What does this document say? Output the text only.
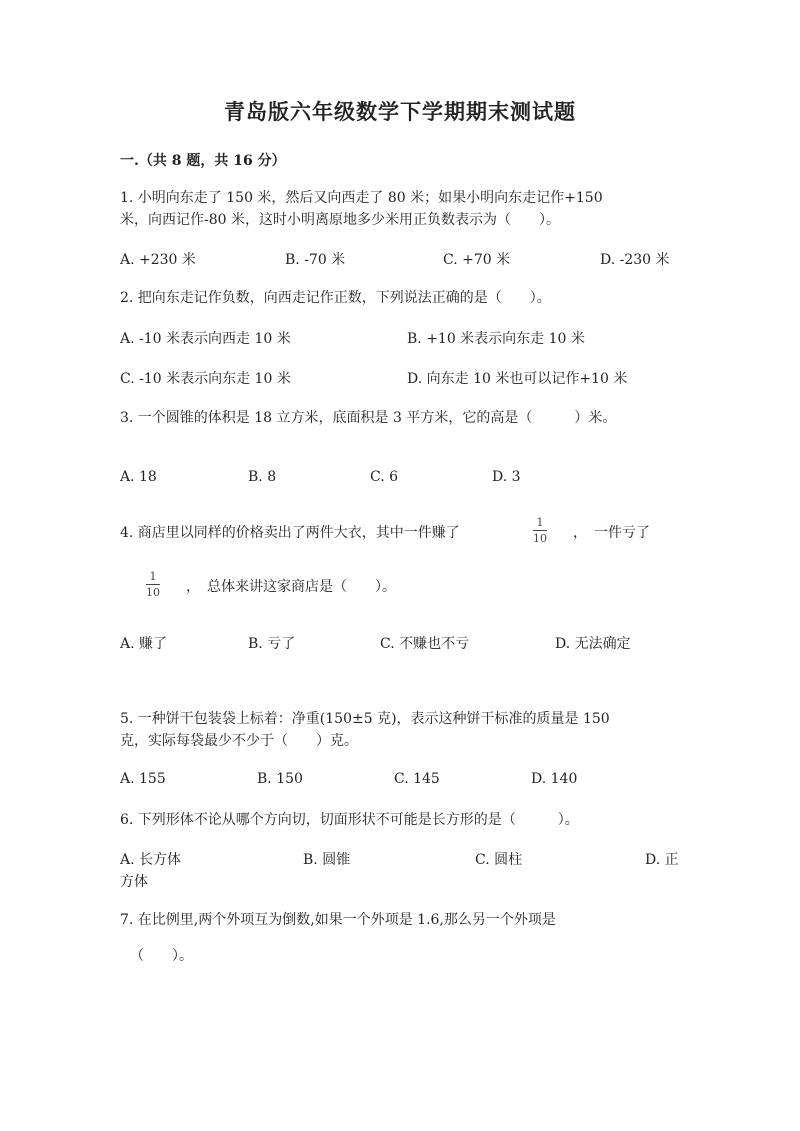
青岛版六年级数学下学期期末测试题
一.（共 8 题，共 16 分）
1. 小明向东走了 150 米，然后又向西走了 80 米；如果小明向东走记作+150
米，向西记作-80 米，这时小明离原地多少米用正负数表示为（　　）。
A. +230 米	B. -70 米	C. +70 米	D. -230 米
2. 把向东走记作负数，向西走记作正数，下列说法正确的是（　　）。
A. -10 米表示向西走 10 米	B. +10 米表示向东走 10 米
C. -10 米表示向东走 10 米	D. 向东走 10 米也可以记作+10 米
3. 一个圆锥的体积是 18 立方米，底面积是 3 平方米，它的高是（　　　）米。
A. 18	B. 8	C. 6	D. 3
4. 商店里以同样的价格卖出了两件大衣，其中一件赚了
1
10 ，　一件亏了
1
10 ，　总体来讲这家商店是（　　）。
A. 赚了	B. 亏了	C. 不赚也不亏	D. 无法确定
5. 一种饼干包装袋上标着：净重(150±5 克)，表示这种饼干标准的质量是 150
克，实际每袋最少不少于（　　）克。
A. 155	B. 150	C. 145	D. 140
6. 下列形体不论从哪个方向切，切面形状不可能是长方形的是（　　　）。
A. 长方体	B. 圆锥	C. 圆柱	D. 正
方体
7. 在比例里,两个外项互为倒数,如果一个外项是 1.6,那么另一个外项是
（　　）。
